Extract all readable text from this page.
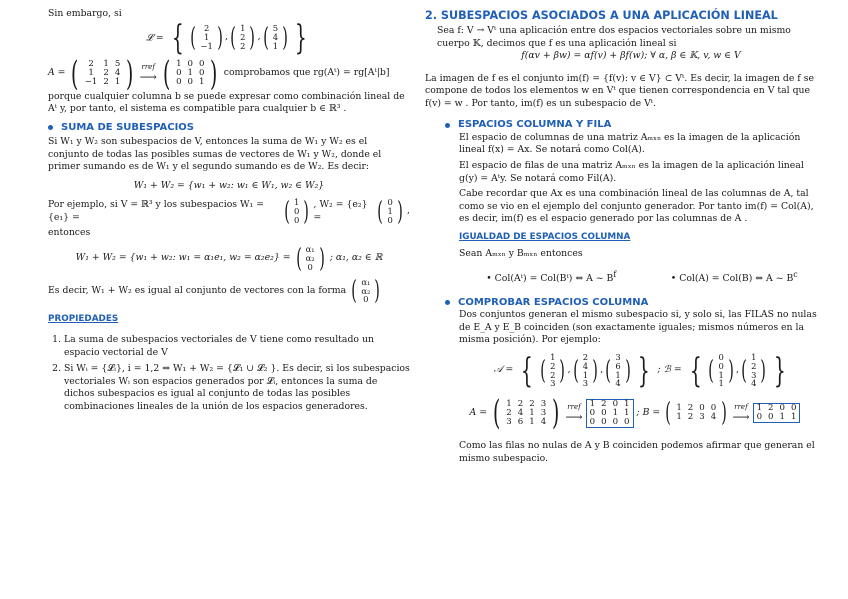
Sin embargo, si

𝓛 = { ( 2
1
−1 ) , ( 1
2
2 ) , ( 5
4
1 ) }
A = ( 2	1	5
1	2	4
−1	2	1 ) rref
⟶ ( 1	0	0
0	1	0
0	0	1 ) comprobamos que rg(Aᵗ) = rg[Aᵗ|b]

porque cualquier columna b se puede expresar como combinación lineal de Aᵗ y, por tanto, el sistema es compatible para cualquier b ∈ ℝ³ .

SUMA DE SUBESPACIOS

Si W₁ y W₂ son subespacios de V, entonces la suma de W₁ y W₂ es el conjunto de todas las posibles sumas de vectores de W₁ y W₂, donde el primer sumando es de W₁ y el segundo sumando es de W₂. Es decir:

W₁ + W₂ = {w₁ + w₂: w₁ ∈ W₁, w₂ ∈ W₂}

Por ejemplo, si V = ℝ³ y los subespacios W₁ = {e₁} =	( 1
0
0 ) , W₂ = {e₂} =	( 0
1
0 ) ,

entonces

W₁ + W₂ = {w₁ + w₂: w₁ = α₁e₁, w₂ = α₂e₂} = ( α₁
α₂
0 ) ; α₁, α₂ ∈ ℝ
Es decir, W₁ + W₂ es igual al conjunto de vectores con la forma ( α₁
α₂
0 )

PROPIEDADES

1. La suma de subespacios vectoriales de V tiene como resultado un espacio vectorial de V
2. Si Wᵢ = {𝓛ᵢ}, i = 1,2 ⇒ W₁ + W₂ = {𝓛₁ ∪ 𝓛₂ }. Es decir, si los subespacios vectoriales Wᵢ son espacios generados por 𝓛ᵢ, entonces la suma de dichos subespacios es igual al conjunto de todas las posibles combinaciones lineales de la unión de los espacios generadores.

2. SUBESPACIOS ASOCIADOS A UNA APLICACIÓN LINEAL

Sea f: V → Vᵗ una aplicación entre dos espacios vectoriales sobre un mismo

cuerpo 𝕂, decimos que f es una aplicación lineal si

f(αv + βw) = αf(v) + βf(w); ∀ α, β ∈ 𝕂, v, w ∈ V

La imagen de f es el conjunto im(f) = {f(v): v ∈ V} ⊂ Vᵗ. Es decir, la imagen de f se compone de todos los elementos w en Vᵗ que tienen correspondencia en V tal que f(v) = w . Por tanto, im(f) es un subespacio de Vᵗ.

ESPACIOS COLUMNA Y FILA

El espacio de columnas de una matriz Aₘₓₙ es la imagen de la aplicación lineal f(x) = Ax. Se notará como Col(A).

El espacio de filas de una matriz Aₘₓₙ es la imagen de la aplicación lineal g(y) = Aᵗy. Se notará como Fil(A).

Cabe recordar que Ax es una combinación lineal de las columnas de A, tal como se vio en el ejemplo del conjunto generador. Por tanto im(f) = Col(A), es decir, im(f) es el espacio generado por las columnas de A .

IGUALDAD DE ESPACIOS COLUMNA

Sean Aₘₓₙ y Bₘₓₙ entonces

• Col(Aᵗ) = Col(Bᵗ) ⇔ A ~ $B^f$	• Col(A) = Col(B) ⇔ A ~ $B^c$
COMPROBAR ESPACIOS COLUMNA

Dos conjuntos generan el mismo subespacio si, y solo si, las FILAS no nulas de E_A y E_B coinciden (son exactamente iguales; mismos números en la misma posición). Por ejemplo:

𝒜 = { ( 1
2
2
3 ) , ( 2
4
1
3 ) , ( 3
6
1
4 ) } ; ℬ = { ( 0
0
1
1 ) , ( 1
2
3
4 ) }
A = ( 1	2	2	3
2	4	1	3
3	6	1	4 ) rref
⟶
1	2	0	1
0	0	1	1
0	0	0	0
; B = ( 1	2	0	0
1	2	3	4 ) rref
⟶
1	2	0	0
0	0	1	1

Como las filas no nulas de A y B coinciden podemos afirmar que generan el mismo subespacio.
